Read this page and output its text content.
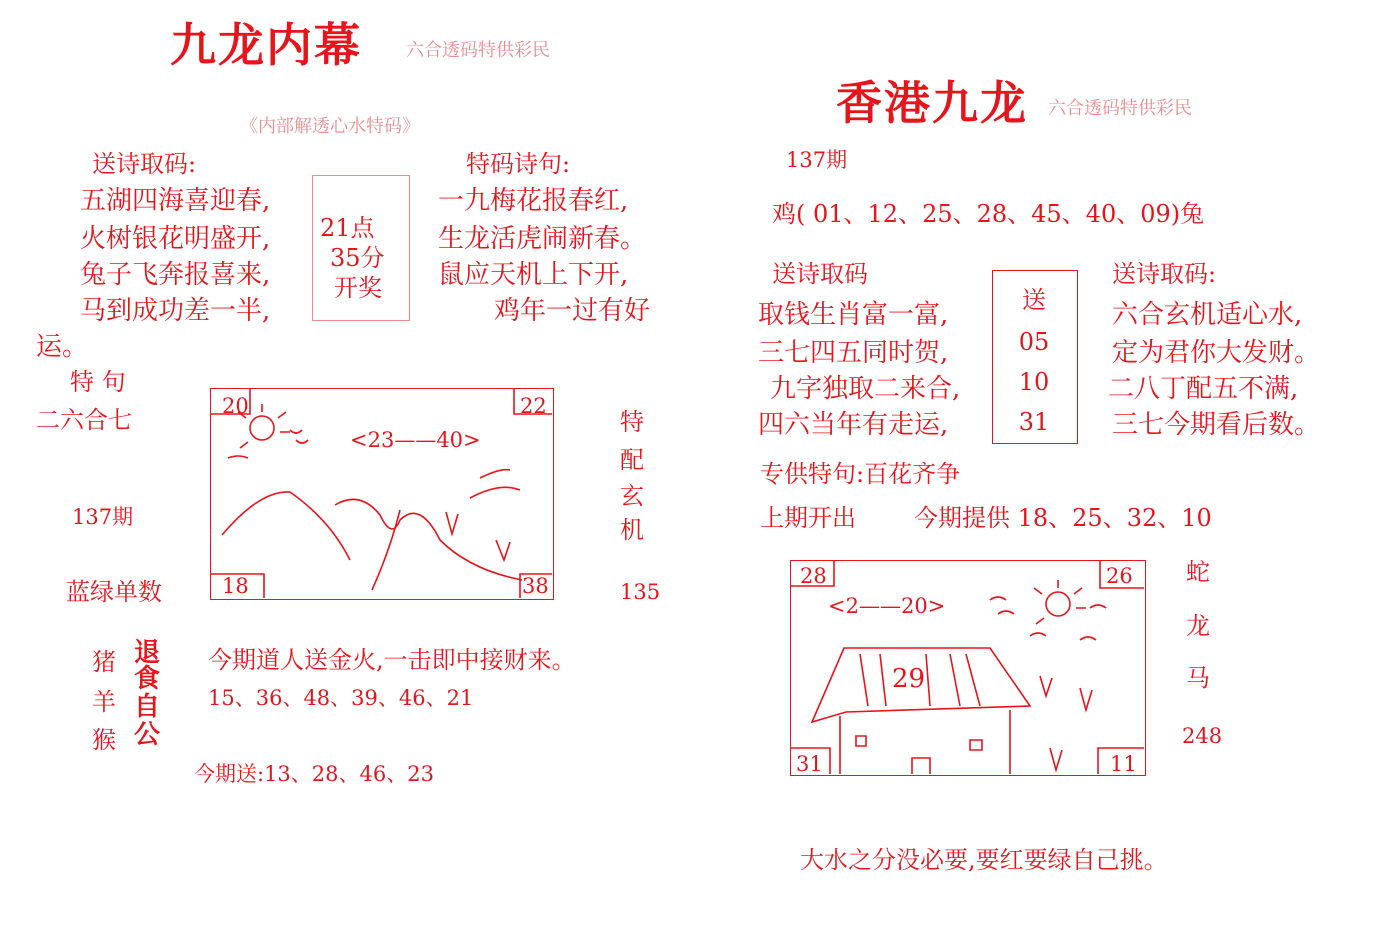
九龙内幕 六合透码特供彩民
《内部解透心水特码》
送诗取码:
五湖四海喜迎春,
火树银花明盛开,
兔子飞奔报喜来,
马到成功差一半,
21点
35分
开奖
特码诗句:
一九梅花报春红,
生龙活虎闹新春。
鼠应天机上下开,
鸡年一过有好
运。
特 句
二六合七
137期
蓝绿单数
20	22
18	38
<23——40>
特
配
玄
机
135
猪
羊
猴
退
食
自
公
今期道人送金火,一击即中接财来。
15、36、48、39、46、21
今期送:13、28、46、23
香港九龙 六合透码特供彩民
137期
鸡( 01、12、25、28、45、40、09)兔
送诗取码
取钱生肖富一富,
三七四五同时贺,
九字独取二来合,
四六当年有走运,
送
05
10
31
送诗取码:
六合玄机适心水,
定为君你大发财。
二八丁配五不满,
三七今期看后数。
专供特句:百花齐争
上期开出 今期提供 18、25、32、10
28	26
31	11
<2——20>
29
蛇
龙
马
248
大水之分没必要,要红要绿自己挑。
